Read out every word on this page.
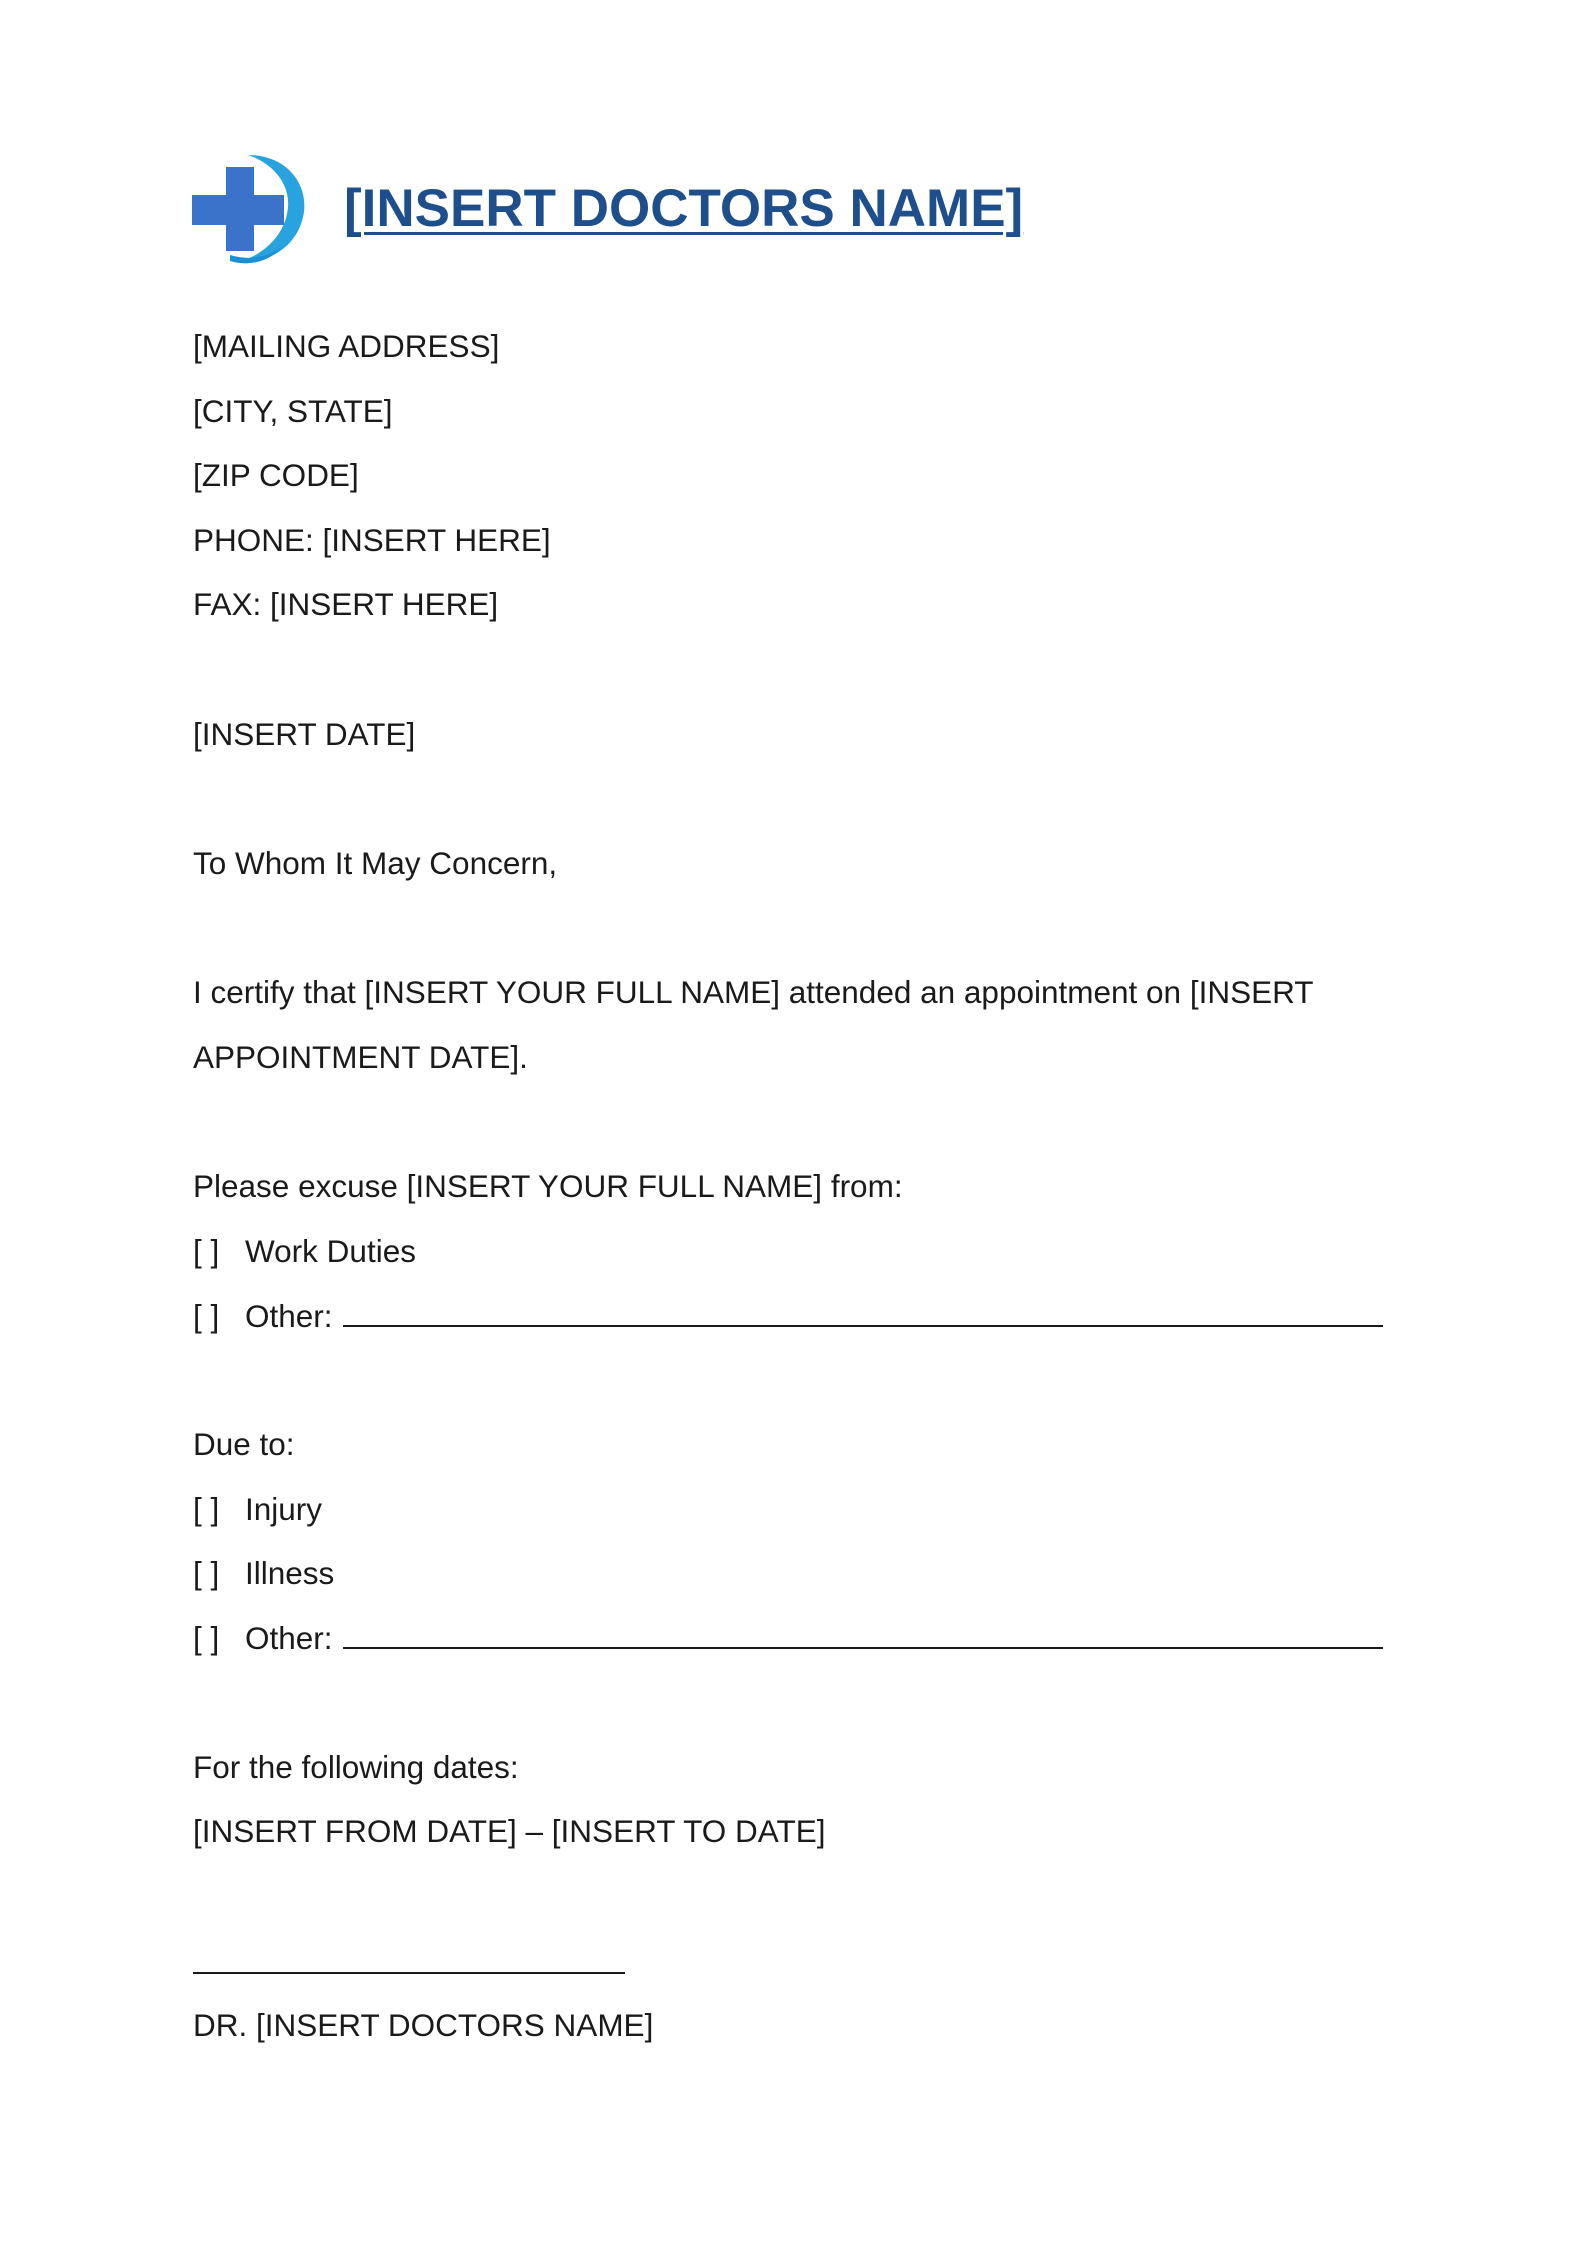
[INSERT DOCTORS NAME]
[MAILING ADDRESS]
[CITY, STATE]
[ZIP CODE]
PHONE: [INSERT HERE]
FAX: [INSERT HERE]
[INSERT DATE]
To Whom It May Concern,
I certify that [INSERT YOUR FULL NAME] attended an appointment on [INSERT
APPOINTMENT DATE].
Please excuse [INSERT YOUR FULL NAME] from:
[ ] Work Duties
[ ] Other:
Due to:
[ ] Injury
[ ] Illness
[ ] Other:
For the following dates:
[INSERT FROM DATE] – [INSERT TO DATE]
DR. [INSERT DOCTORS NAME]
